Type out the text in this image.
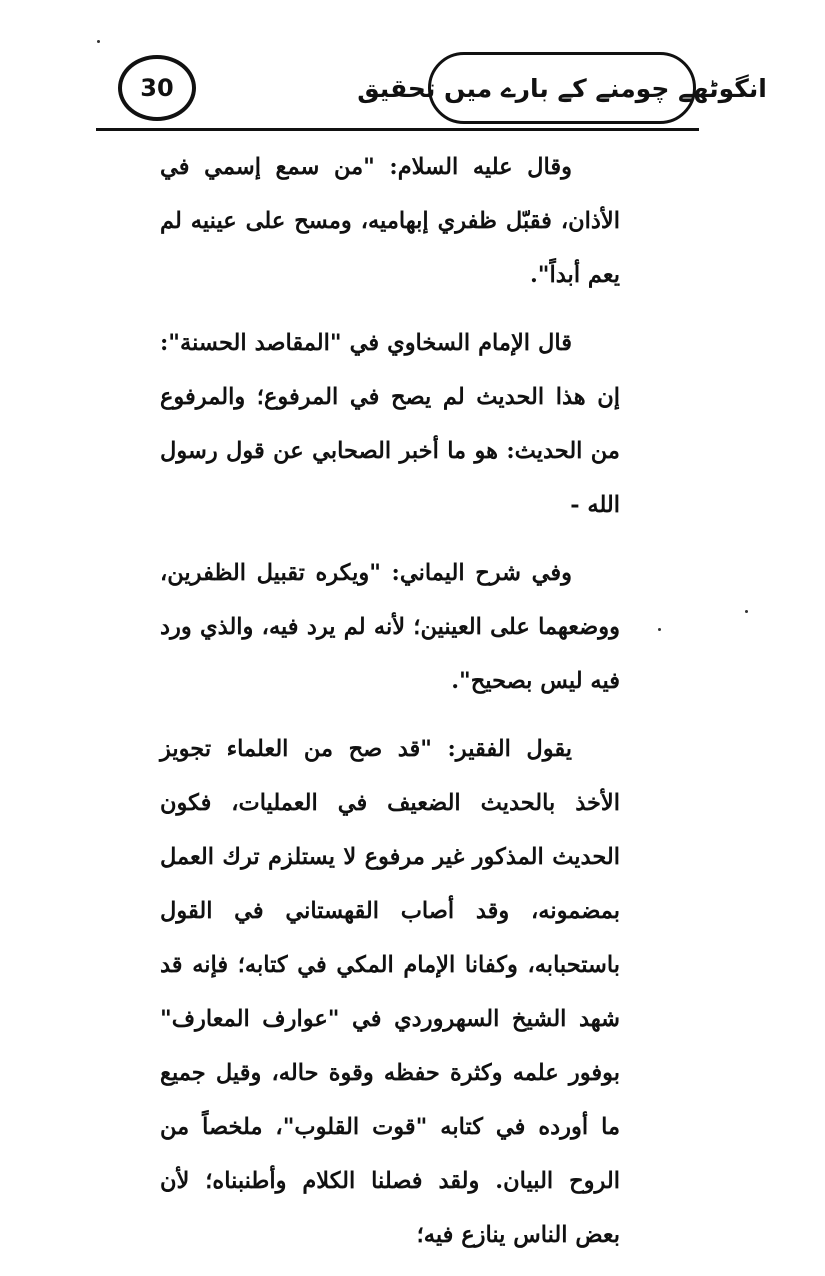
30	انگوٹھے چومنے کے بارے میں تحقیق

وقال عليه السلام: "من سمع إسمي في الأذان، فقبّل ظفري إبهاميه، ومسح على عينيه لم يعم أبداً".

قال الإمام السخاوي في "المقاصد الحسنة": إن هذا الحديث لم يصح في المرفوع؛ والمرفوع من الحديث: هو ما أخبر الصحابي عن قول رسول الله -

وفي شرح اليماني: "ويكره تقبيل الظفرين، ووضعهما على العينين؛ لأنه لم يرد فيه، والذي ورد فيه ليس بصحيح".

يقول الفقير: "قد صح من العلماء تجويز الأخذ بالحديث الضعيف في العمليات، فكون الحديث المذكور غير مرفوع لا يستلزم ترك العمل بمضمونه، وقد أصاب القهستاني في القول باستحبابه، وكفانا الإمام المكي في كتابه؛ فإنه قد شهد الشيخ السهروردي في "عوارف المعارف" بوفور علمه وكثرة حفظه وقوة حاله، وقيل جميع ما أورده في كتابه "قوت القلوب"، ملخصاً من الروح البيان. ولقد فصلنا الكلام وأطنبناه؛ لأن بعض الناس ينازع فيه؛
